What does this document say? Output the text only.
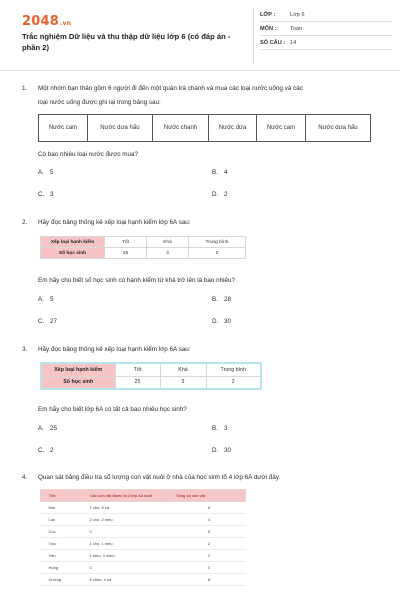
2048.vn
Trắc nghiệm Dữ liệu và thu thập dữ liệu lớp 6 (có đáp án - phần 2)
LỚP :	Lớp 6
MÔN :	Toán
SỐ CÂU : 14
1. Một nhóm bạn thân gồm 6 người đi đến một quán trà chanh và mua các loại nước uống và các
loại nước uống được ghi lại trong bảng sau:
Nước cam	Nước dưa hấu	Nước chanh	Nước dứa	Nước cam	Nước dưa hấu
Có bao nhiêu loại nước được mua?
A. 5	B. 4
C. 3	D. 2
2. Hãy đọc bảng thống kê xếp loại hạnh kiểm lớp 6A sau:
Xếp loại hạnh kiểm	Tốt	Khá	Trung bình
Số học sinh	25	3	2
Em hãy cho biết số học sinh có hạnh kiểm từ khá trở lên là bao nhiêu?
A. 5	B. 28
C. 27	D. 30
3. Hãy đọc bảng thống kê xếp loại hạnh kiểm lớp 6A sau:
Xếp loại hạnh kiểm	Tốt	Khá	Trung bình
Số học sinh	25	3	2
Em hãy cho biết lớp 6A có tất cả bao nhiêu học sinh?
A. 25	B. 3
C. 2	D. 30
4. Quan sát bảng điều tra số lượng con vật nuôi ở nhà của học sinh tổ 4 lớp 6A dưới đây.
Tên	Các con vật được tổ 4 lớp 6A nuôi	Tổng số con vật
Mai	1 chó, 5 cá	6
Lan	2 chó, 2 mèo	4
Cúc	0	0
Trúc	1 chó, 1 mèo	2
Yến	1 mèo, 1 chim	2
Hùng	0	0
Cường	4 chim, 4 cá	8
